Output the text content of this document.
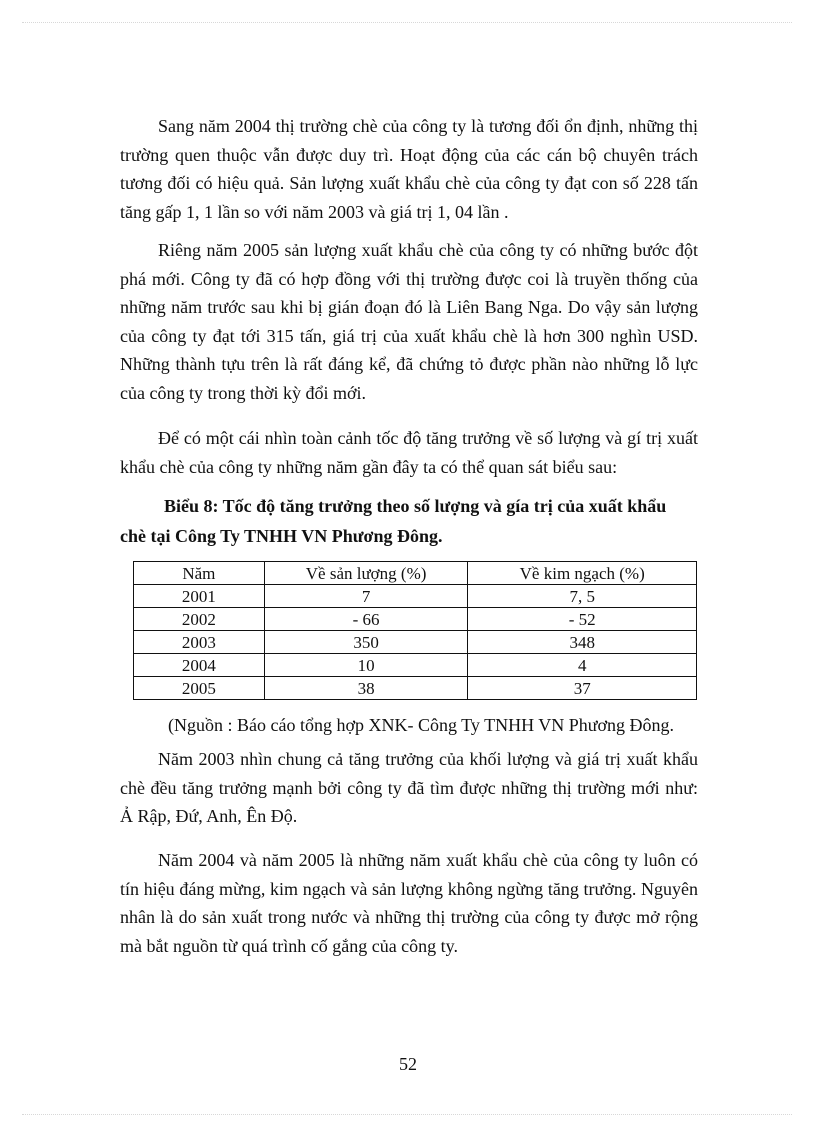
Sang năm 2004 thị trường chè của công ty là tương đối ổn định, những thị trường quen thuộc vẫn được duy trì. Hoạt động của các cán bộ chuyên trách tương đối có hiệu quả. Sản lượng xuất khẩu chè của công ty đạt con số 228 tấn tăng gấp 1, 1 lần so với năm 2003 và giá trị 1, 04 lần .

Riêng năm 2005 sản lượng xuất khẩu chè của công ty có những bước đột phá mới. Công ty đã có hợp đồng với thị trường được coi là truyền thống của những năm trước sau khi bị gián đoạn đó là Liên Bang Nga. Do vậy sản lượng của công ty đạt tới 315 tấn, giá trị của xuất khẩu chè là hơn 300 nghìn USD. Những thành tựu trên là rất đáng kể, đã chứng tỏ được phần nào những lỗ lực của công ty trong thời kỳ đổi mới.

Để có một cái nhìn toàn cảnh tốc độ tăng trưởng về số lượng và gí trị xuất khẩu chè của công ty những năm gần đây ta có thể quan sát biểu sau:

Biểu 8: Tốc độ tăng trưởng theo số lượng và gía trị của xuất khẩu
chè tại Công Ty TNHH VN Phương Đông.
Năm	Về sản lượng (%)	Về kim ngạch (%)
2001	7	7, 5
2002	- 66	- 52
2003	350	348
2004	10	4
2005	38	37
(Nguồn : Báo cáo tổng hợp XNK- Công Ty TNHH VN Phương Đông.

Năm 2003 nhìn chung cả tăng trưởng của khối lượng và giá trị xuất khẩu chè đều tăng trưởng mạnh bởi công ty đã tìm được những thị trường mới như: Ả Rập, Đứ, Anh, Ên Độ.

Năm 2004 và năm 2005 là những năm xuất khẩu chè của công ty luôn có tín hiệu đáng mừng, kim ngạch và sản lượng không ngừng tăng trưởng. Nguyên nhân là do sản xuất trong nước và những thị trường của công ty được mở rộng mà bắt nguồn từ quá trình cố gắng của công ty.

52
